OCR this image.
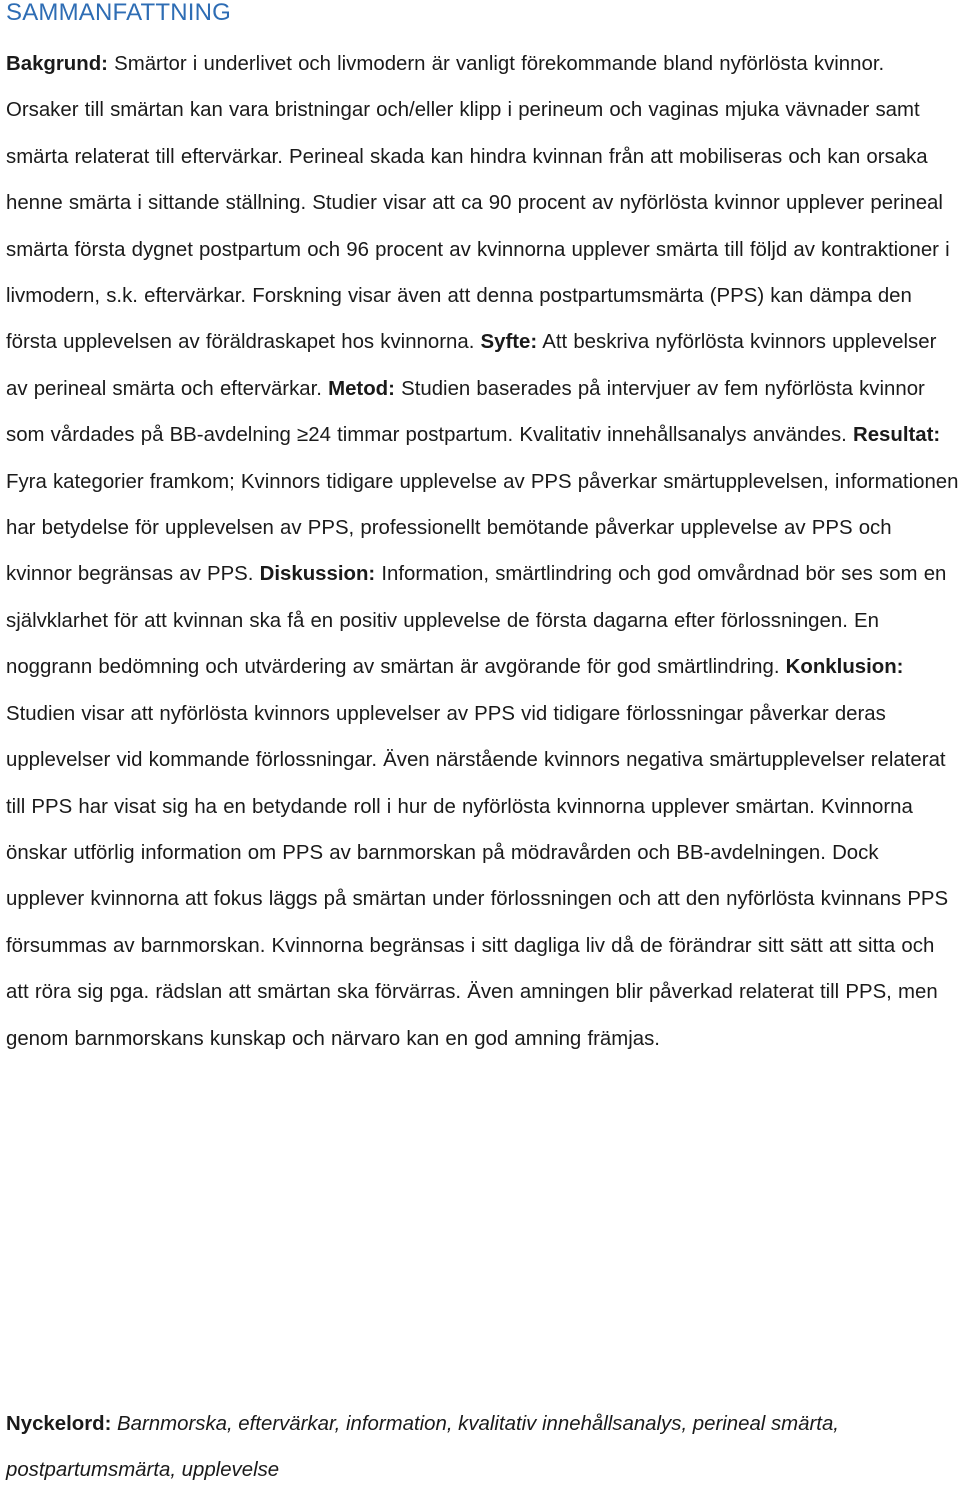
SAMMANFATTNING

Bakgrund: Smärtor i underlivet och livmodern är vanligt förekommande bland nyförlösta kvinnor. Orsaker till smärtan kan vara bristningar och/eller klipp i perineum och vaginas mjuka vävnader samt smärta relaterat till eftervärkar. Perineal skada kan hindra kvinnan från att mobiliseras och kan orsaka henne smärta i sittande ställning. Studier visar att ca 90 procent av nyförlösta kvinnor upplever perineal smärta första dygnet postpartum och 96 procent av kvinnorna upplever smärta till följd av kontraktioner i livmodern, s.k. eftervärkar. Forskning visar även att denna postpartumsmärta (PPS) kan dämpa den första upplevelsen av föräldraskapet hos kvinnorna. Syfte: Att beskriva nyförlösta kvinnors upplevelser av perineal smärta och eftervärkar. Metod: Studien baserades på intervjuer av fem nyförlösta kvinnor som vårdades på BB-avdelning ≥24 timmar postpartum. Kvalitativ innehållsanalys användes. Resultat: Fyra kategorier framkom; Kvinnors tidigare upplevelse av PPS påverkar smärtupplevelsen, informationen har betydelse för upplevelsen av PPS, professionellt bemötande påverkar upplevelse av PPS och kvinnor begränsas av PPS. Diskussion: Information, smärtlindring och god omvårdnad bör ses som en självklarhet för att kvinnan ska få en positiv upplevelse de första dagarna efter förlossningen. En noggrann bedömning och utvärdering av smärtan är avgörande för god smärtlindring. Konklusion: Studien visar att nyförlösta kvinnors upplevelser av PPS vid tidigare förlossningar påverkar deras upplevelser vid kommande förlossningar. Även närstående kvinnors negativa smärtupplevelser relaterat till PPS har visat sig ha en betydande roll i hur de nyförlösta kvinnorna upplever smärtan. Kvinnorna önskar utförlig information om PPS av barnmorskan på mödravården och BB-avdelningen. Dock upplever kvinnorna att fokus läggs på smärtan under förlossningen och att den nyförlösta kvinnans PPS försummas av barnmorskan. Kvinnorna begränsas i sitt dagliga liv då de förändrar sitt sätt att sitta och att röra sig pga. rädslan att smärtan ska förvärras. Även amningen blir påverkad relaterat till PPS, men genom barnmorskans kunskap och närvaro kan en god amning främjas.

Nyckelord: Barnmorska, eftervärkar, information, kvalitativ innehållsanalys, perineal smärta, postpartumsmärta, upplevelse
